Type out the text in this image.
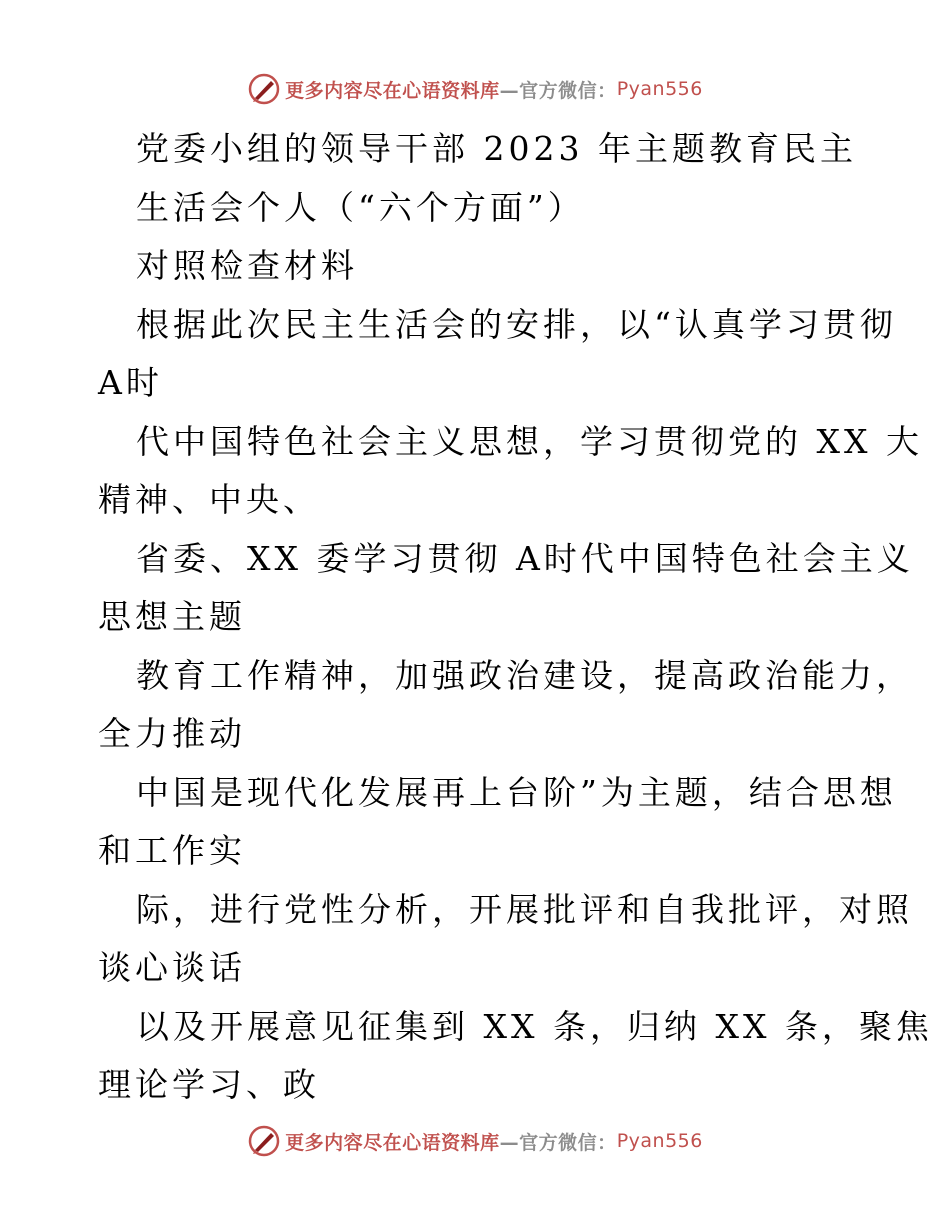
更多内容尽在心语资料库 —官方微信： Pyan556
党委小组的领导干部 2023 年主题教育民主
生活会个人（“六个方面”）
对照检查材料
根据此次民主生活会的安排，以“认真学习贯彻
A时
代中国特色社会主义思想，学习贯彻党的 XX 大
精神、中央、
省委、XX 委学习贯彻 A时代中国特色社会主义
思想主题
教育工作精神，加强政治建设，提高政治能力，
全力推动
中国是现代化发展再上台阶”为主题，结合思想
和工作实
际，进行党性分析，开展批评和自我批评，对照
谈心谈话
以及开展意见征集到 XX 条，归纳 XX 条，聚焦
理论学习、政
更多内容尽在心语资料库 —官方微信： Pyan556
